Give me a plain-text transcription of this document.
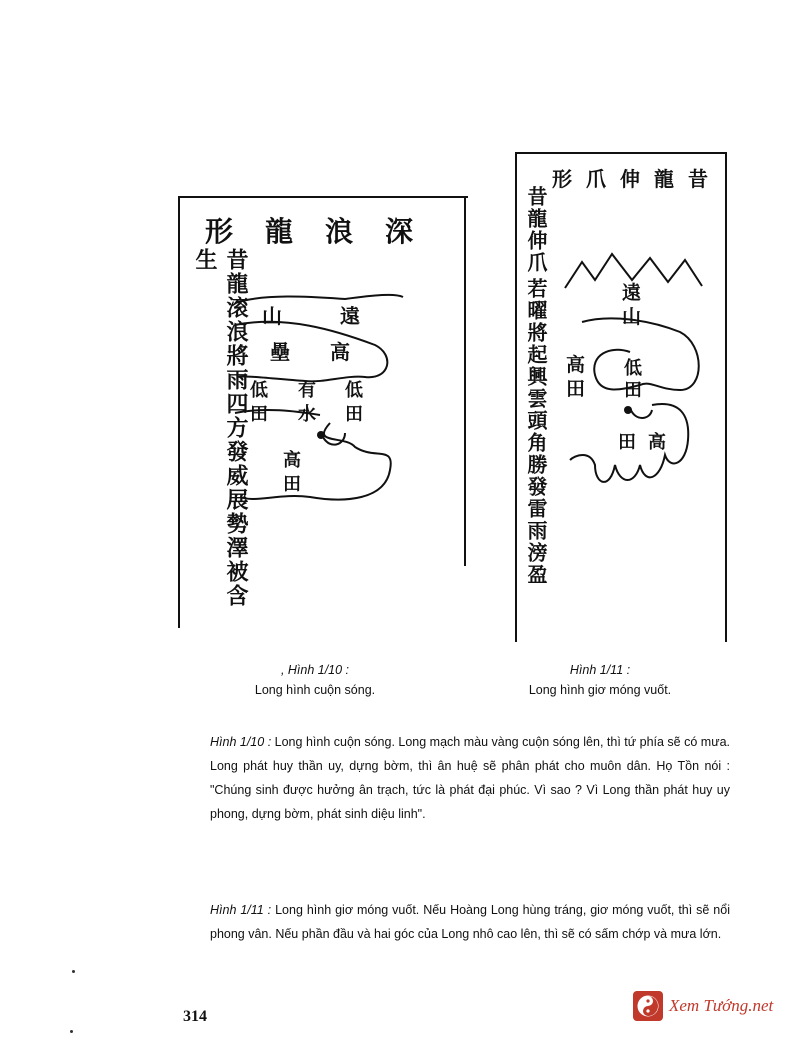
形龍浪深
昔龍滚浪將雨四方發威展勢澤被含生
山	遠
壘 高
低 有 低
田 水 田
高
田
, Hình 1/10 :
Long hình cuộn sóng.
形爪伸龍昔
昔龍伸爪
若曜將起興雲頭角勝發雷雨滂盈	遠
山
高
田
低
田
田 高
Hình 1/11 :
Long hình giơ móng vuốt.

Hình 1/10 : Long hình cuộn sóng. Long mạch màu vàng cuộn sóng lên, thì tứ phía sẽ có mưa. Long phát huy thần uy, dựng bờm, thì ân huệ sẽ phân phát cho muôn dân. Họ Tồn nói : "Chúng sinh được hưởng ân trạch, tức là phát đại phúc. Vì sao ? Vì Long thần phát huy uy phong, dựng bờm, phát sinh diệu linh".

Hình 1/11 : Long hình giơ móng vuốt. Nếu Hoàng Long hùng tráng, giơ móng vuốt, thì sẽ nổi phong vân. Nếu phần đầu và hai góc của Long nhô cao lên, thì sẽ có sấm chớp và mưa lớn.

314
Xem Tướng.net
